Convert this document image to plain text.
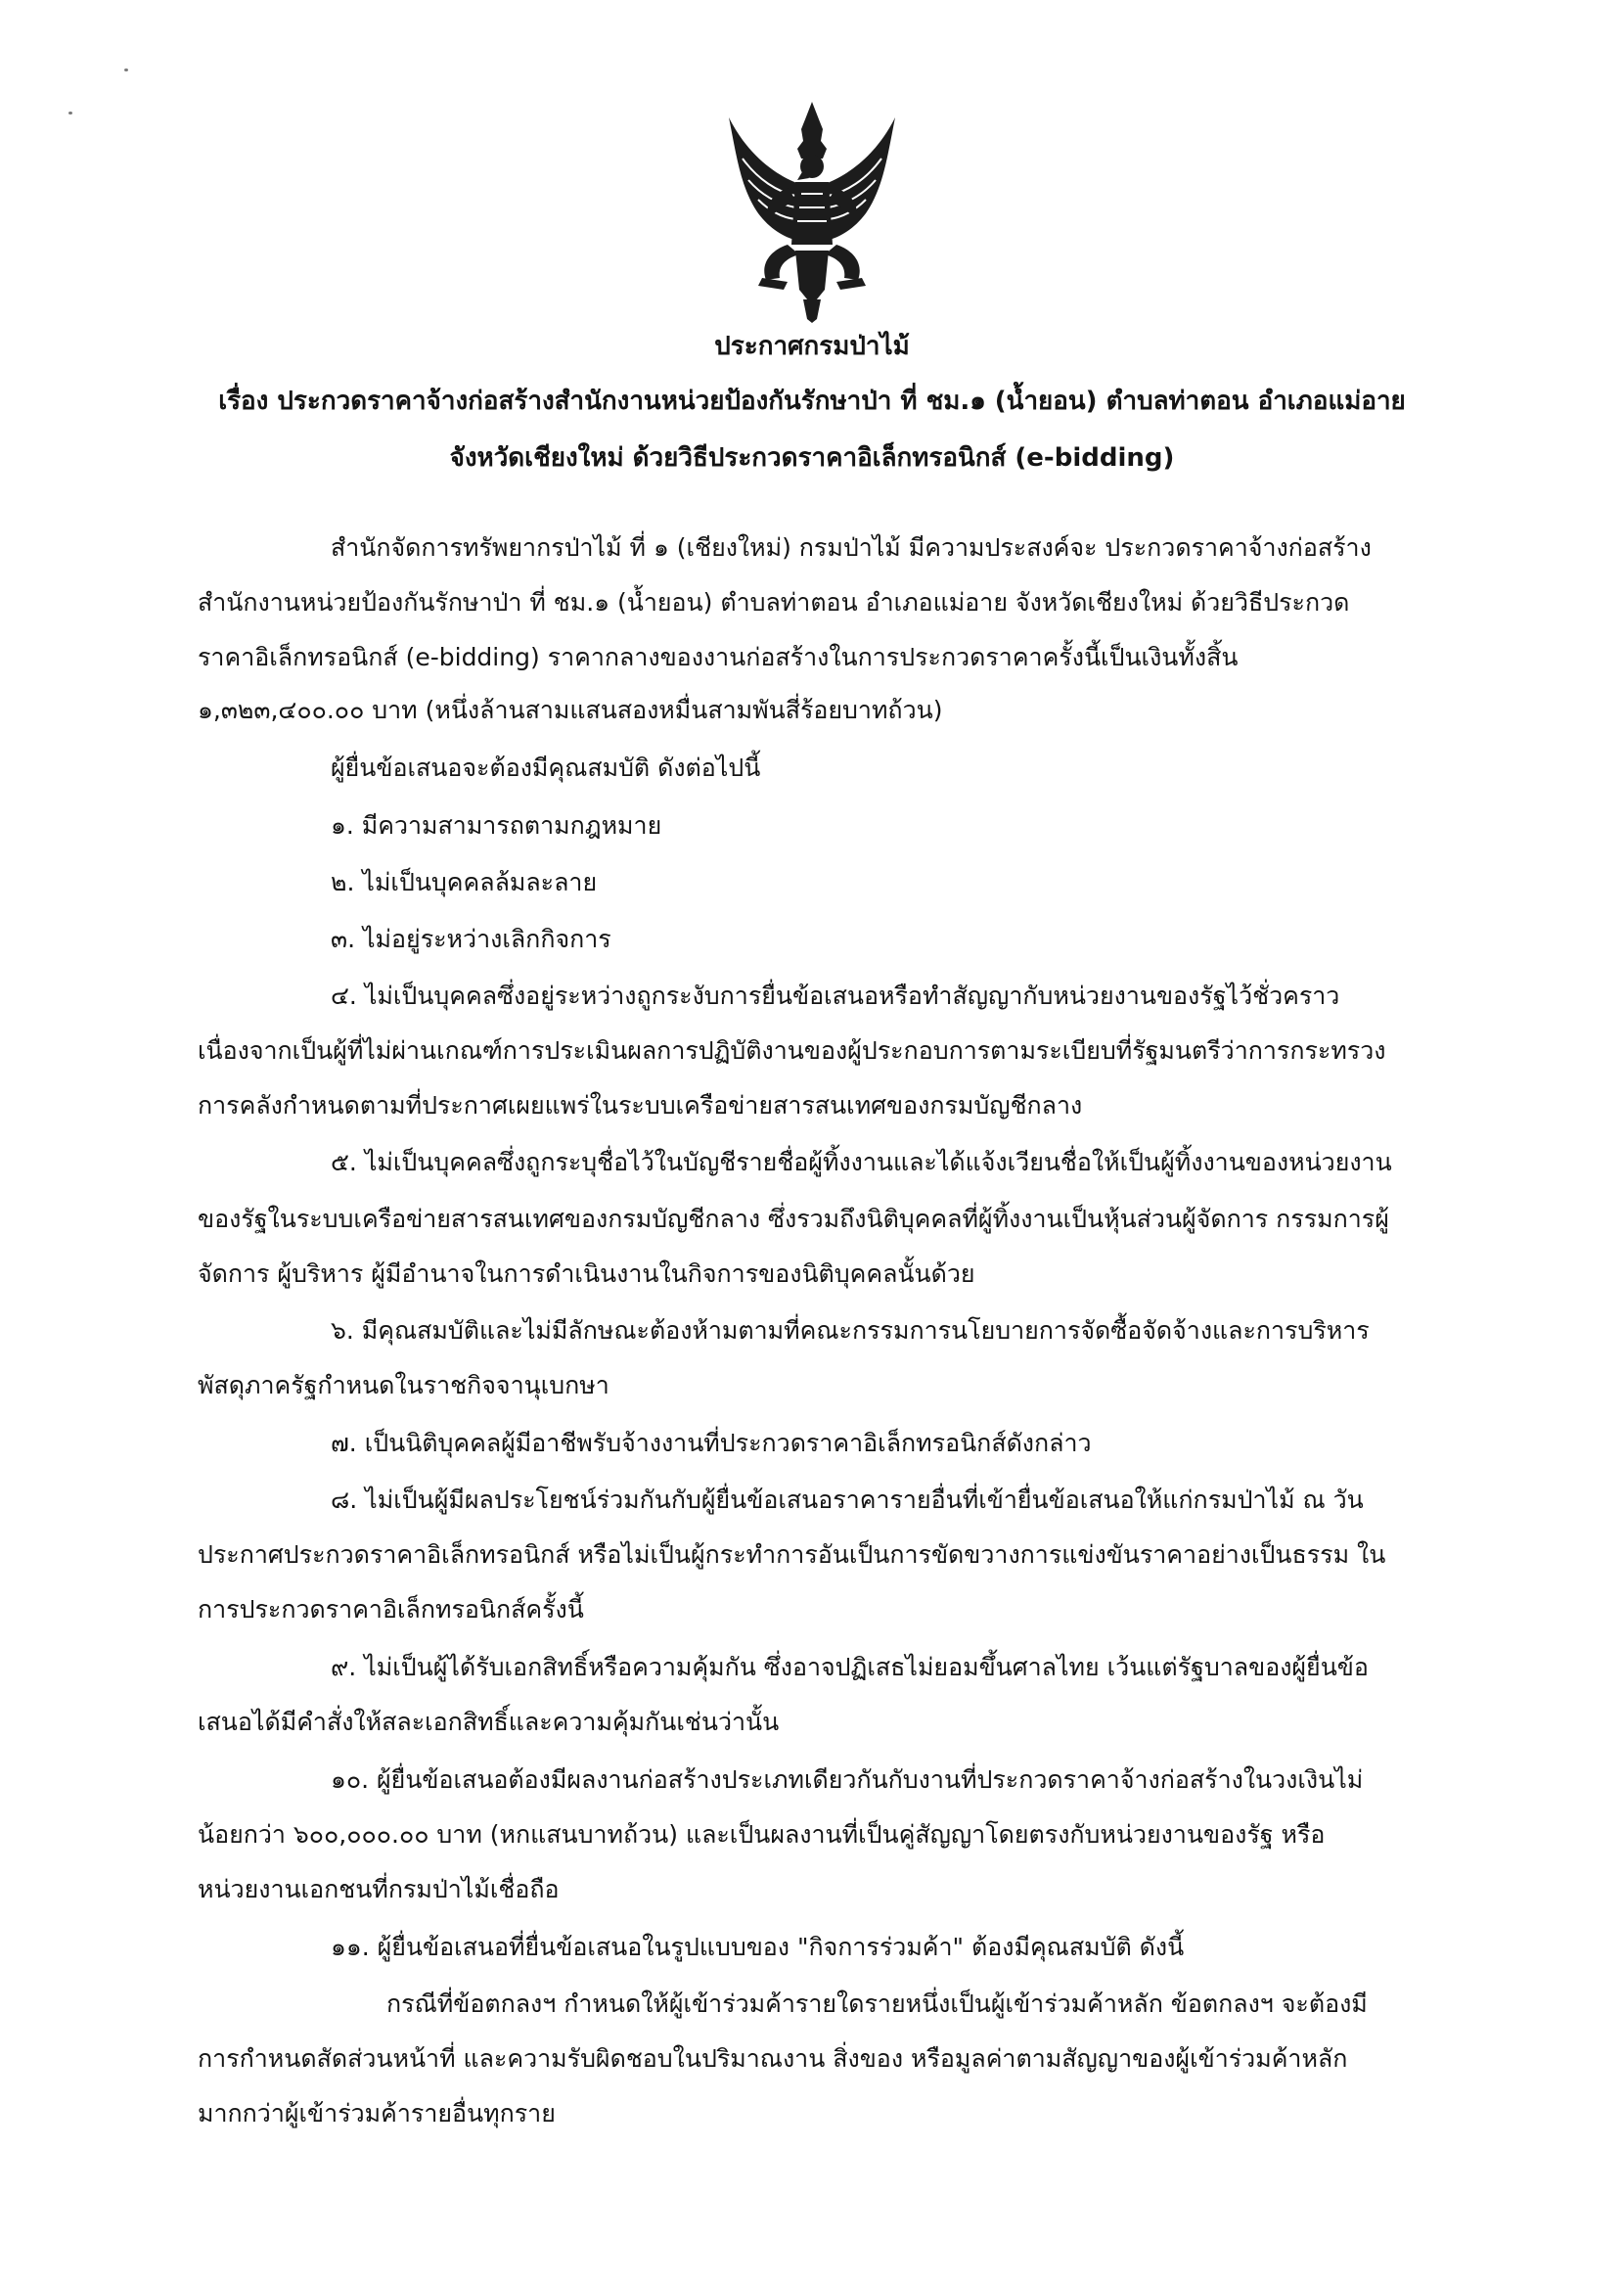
ประกาศกรมป่าไม้
เรื่อง ประกวดราคาจ้างก่อสร้างสำนักงานหน่วยป้องกันรักษาป่า ที่ ชม.๑ (น้ำยอน) ตำบลท่าตอน อำเภอแม่อาย
จังหวัดเชียงใหม่ ด้วยวิธีประกวดราคาอิเล็กทรอนิกส์ (e-bidding)
สำนักจัดการทรัพยากรป่าไม้ ที่ ๑ (เชียงใหม่) กรมป่าไม้ มีความประสงค์จะ ประกวดราคาจ้างก่อสร้าง
สำนักงานหน่วยป้องกันรักษาป่า ที่ ชม.๑ (น้ำยอน) ตำบลท่าตอน อำเภอแม่อาย จังหวัดเชียงใหม่ ด้วยวิธีประกวด
ราคาอิเล็กทรอนิกส์ (e-bidding) ราคากลางของงานก่อสร้างในการประกวดราคาครั้งนี้เป็นเงินทั้งสิ้น
๑,๓๒๓,๔๐๐.๐๐ บาท (หนึ่งล้านสามแสนสองหมื่นสามพันสี่ร้อยบาทถ้วน)
ผู้ยื่นข้อเสนอจะต้องมีคุณสมบัติ ดังต่อไปนี้
๑. มีความสามารถตามกฎหมาย
๒. ไม่เป็นบุคคลล้มละลาย
๓. ไม่อยู่ระหว่างเลิกกิจการ
๔. ไม่เป็นบุคคลซึ่งอยู่ระหว่างถูกระงับการยื่นข้อเสนอหรือทำสัญญากับหน่วยงานของรัฐไว้ชั่วคราว
เนื่องจากเป็นผู้ที่ไม่ผ่านเกณฑ์การประเมินผลการปฏิบัติงานของผู้ประกอบการตามระเบียบที่รัฐมนตรีว่าการกระทรวง
การคลังกำหนดตามที่ประกาศเผยแพร่ในระบบเครือข่ายสารสนเทศของกรมบัญชีกลาง
๕. ไม่เป็นบุคคลซึ่งถูกระบุชื่อไว้ในบัญชีรายชื่อผู้ทิ้งงานและได้แจ้งเวียนชื่อให้เป็นผู้ทิ้งงานของหน่วยงาน
ของรัฐในระบบเครือข่ายสารสนเทศของกรมบัญชีกลาง ซึ่งรวมถึงนิติบุคคลที่ผู้ทิ้งงานเป็นหุ้นส่วนผู้จัดการ กรรมการผู้
จัดการ ผู้บริหาร ผู้มีอำนาจในการดำเนินงานในกิจการของนิติบุคคลนั้นด้วย
๖. มีคุณสมบัติและไม่มีลักษณะต้องห้ามตามที่คณะกรรมการนโยบายการจัดซื้อจัดจ้างและการบริหาร
พัสดุภาครัฐกำหนดในราชกิจจานุเบกษา
๗. เป็นนิติบุคคลผู้มีอาชีพรับจ้างงานที่ประกวดราคาอิเล็กทรอนิกส์ดังกล่าว
๘. ไม่เป็นผู้มีผลประโยชน์ร่วมกันกับผู้ยื่นข้อเสนอราคารายอื่นที่เข้ายื่นข้อเสนอให้แก่กรมป่าไม้ ณ วัน
ประกาศประกวดราคาอิเล็กทรอนิกส์ หรือไม่เป็นผู้กระทำการอันเป็นการขัดขวางการแข่งขันราคาอย่างเป็นธรรม ใน
การประกวดราคาอิเล็กทรอนิกส์ครั้งนี้
๙. ไม่เป็นผู้ได้รับเอกสิทธิ์หรือความคุ้มกัน ซึ่งอาจปฏิเสธไม่ยอมขึ้นศาลไทย เว้นแต่รัฐบาลของผู้ยื่นข้อ
เสนอได้มีคำสั่งให้สละเอกสิทธิ์และความคุ้มกันเช่นว่านั้น
๑๐. ผู้ยื่นข้อเสนอต้องมีผลงานก่อสร้างประเภทเดียวกันกับงานที่ประกวดราคาจ้างก่อสร้างในวงเงินไม่
น้อยกว่า ๖๐๐,๐๐๐.๐๐ บาท (หกแสนบาทถ้วน) และเป็นผลงานที่เป็นคู่สัญญาโดยตรงกับหน่วยงานของรัฐ หรือ
หน่วยงานเอกชนที่กรมป่าไม้เชื่อถือ
๑๑. ผู้ยื่นข้อเสนอที่ยื่นข้อเสนอในรูปแบบของ "กิจการร่วมค้า" ต้องมีคุณสมบัติ ดังนี้
กรณีที่ข้อตกลงฯ กำหนดให้ผู้เข้าร่วมค้ารายใดรายหนึ่งเป็นผู้เข้าร่วมค้าหลัก ข้อตกลงฯ จะต้องมี
การกำหนดสัดส่วนหน้าที่ และความรับผิดชอบในปริมาณงาน สิ่งของ หรือมูลค่าตามสัญญาของผู้เข้าร่วมค้าหลัก
มากกว่าผู้เข้าร่วมค้ารายอื่นทุกราย
